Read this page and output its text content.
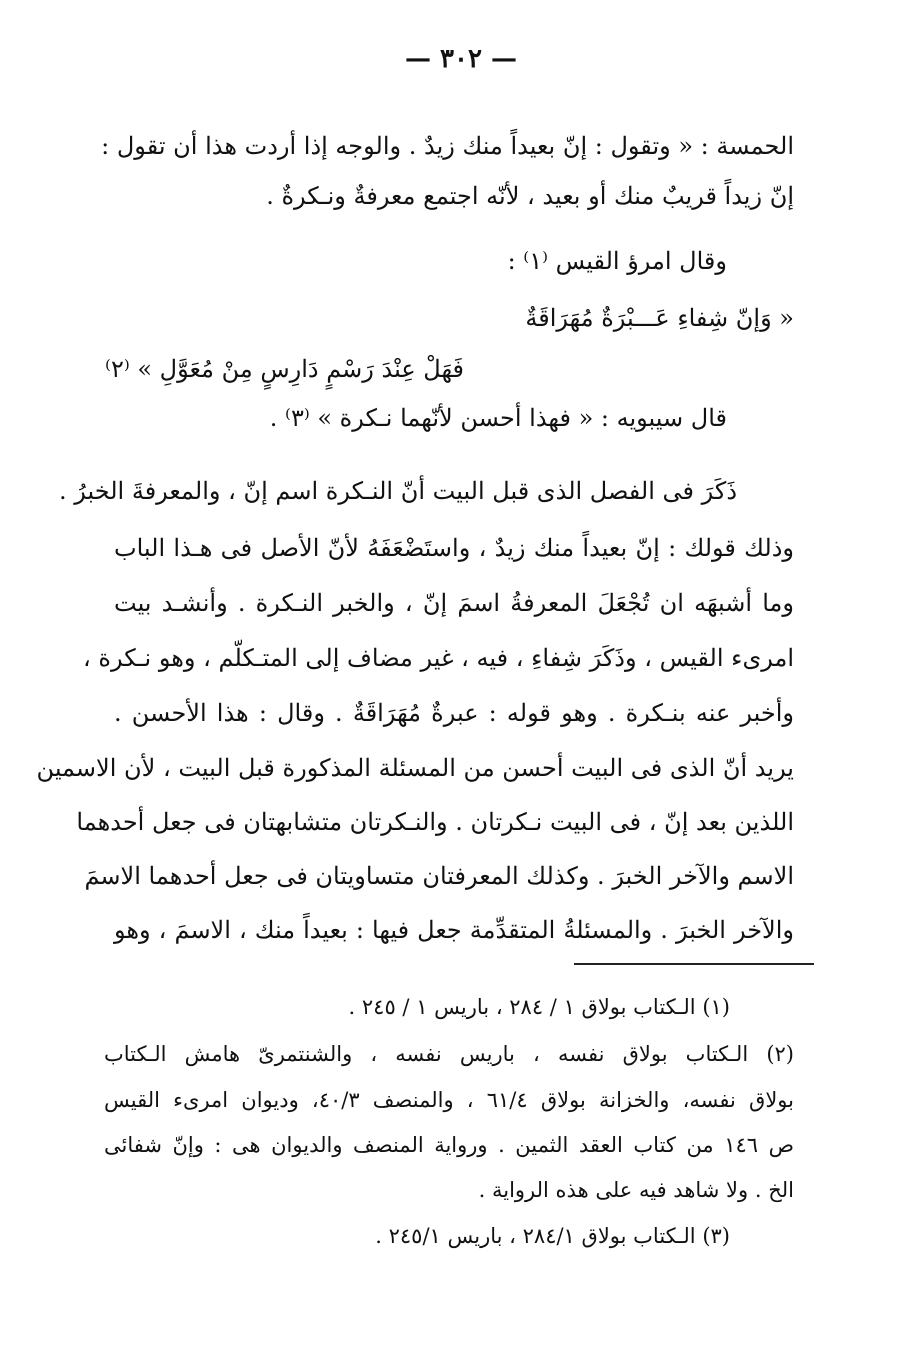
— ٣٠٢ —
الحمسة : « وتقول : إنّ بعيداً منك زيدٌ . والوجه إذا أردت هذا أن تقول :
إنّ زيداً قريبٌ منك أو بعيد ، لأنّه اجتمع معرفةٌ ونـكرةٌ .
وقال امرؤ القيس ⁽١⁾ :
« وَإنّ شِفاءِ عَـــبْرَةٌ مُهَرَاقَةٌ
فَهَلْ عِنْدَ رَسْمٍ دَارِسٍ مِنْ مُعَوَّلِ » ⁽٢⁾
قال سيبويه : « فهذا أحسن لأنّهما نـكرة » ⁽٣⁾ .
ذَكَرَ فى الفصل الذى قبل البيت أنّ النـكرة اسم إنّ ، والمعرفةَ الخبرُ .
وذلك قولك : إنّ بعيداً منك زيدٌ ، واستَضْعَفَهُ لأنّ الأصل فى هـذا الباب
وما أشبهَه ان تُجْعَلَ المعرفةُ اسمَ إنّ ، والخبر النـكرة . وأنشـد بيت
امرىء القيس ، وذَكَرَ شِفاءِ ، فيه ، غير مضاف إلى المتـكلّم ، وهو نـكرة ،
وأخبر عنه بنـكرة . وهو قوله : عبرةٌ مُهَرَاقَةٌ . وقال : هذا الأحسن .
يريد أنّ الذى فى البيت أحسن من المسئلة المذكورة قبل البيت ، لأن الاسمين
اللذين بعد إنّ ، فى البيت نـكرتان . والنـكرتان متشابهتان فى جعل أحدهما
الاسم والآخر الخبرَ . وكذلك المعرفتان متساويتان فى جعل أحدهما الاسمَ
والآخر الخبرَ . والمسئلةُ المتقدِّمة جعل فيها : بعيداً منك ، الاسمَ ، وهو
(١) الـكتاب بولاق ١ / ٢٨٤ ، باريس ١ / ٢٤٥ .
(٢) الـكتاب بولاق نفسه ، باريس نفسه ، والشنتمرىّ هامش الـكتاب
بولاق نفسه، والخزانة بولاق ٦١/٤ ، والمنصف ٤٠/٣، وديوان امرىء القيس
ص ١٤٦ من كتاب العقد الثمين . ورواية المنصف والديوان هى : وإنّ شفائى
الخ . ولا شاهد فيه على هذه الرواية .
(٣) الـكتاب بولاق ٢٨٤/١ ، باريس ٢٤٥/١ .
